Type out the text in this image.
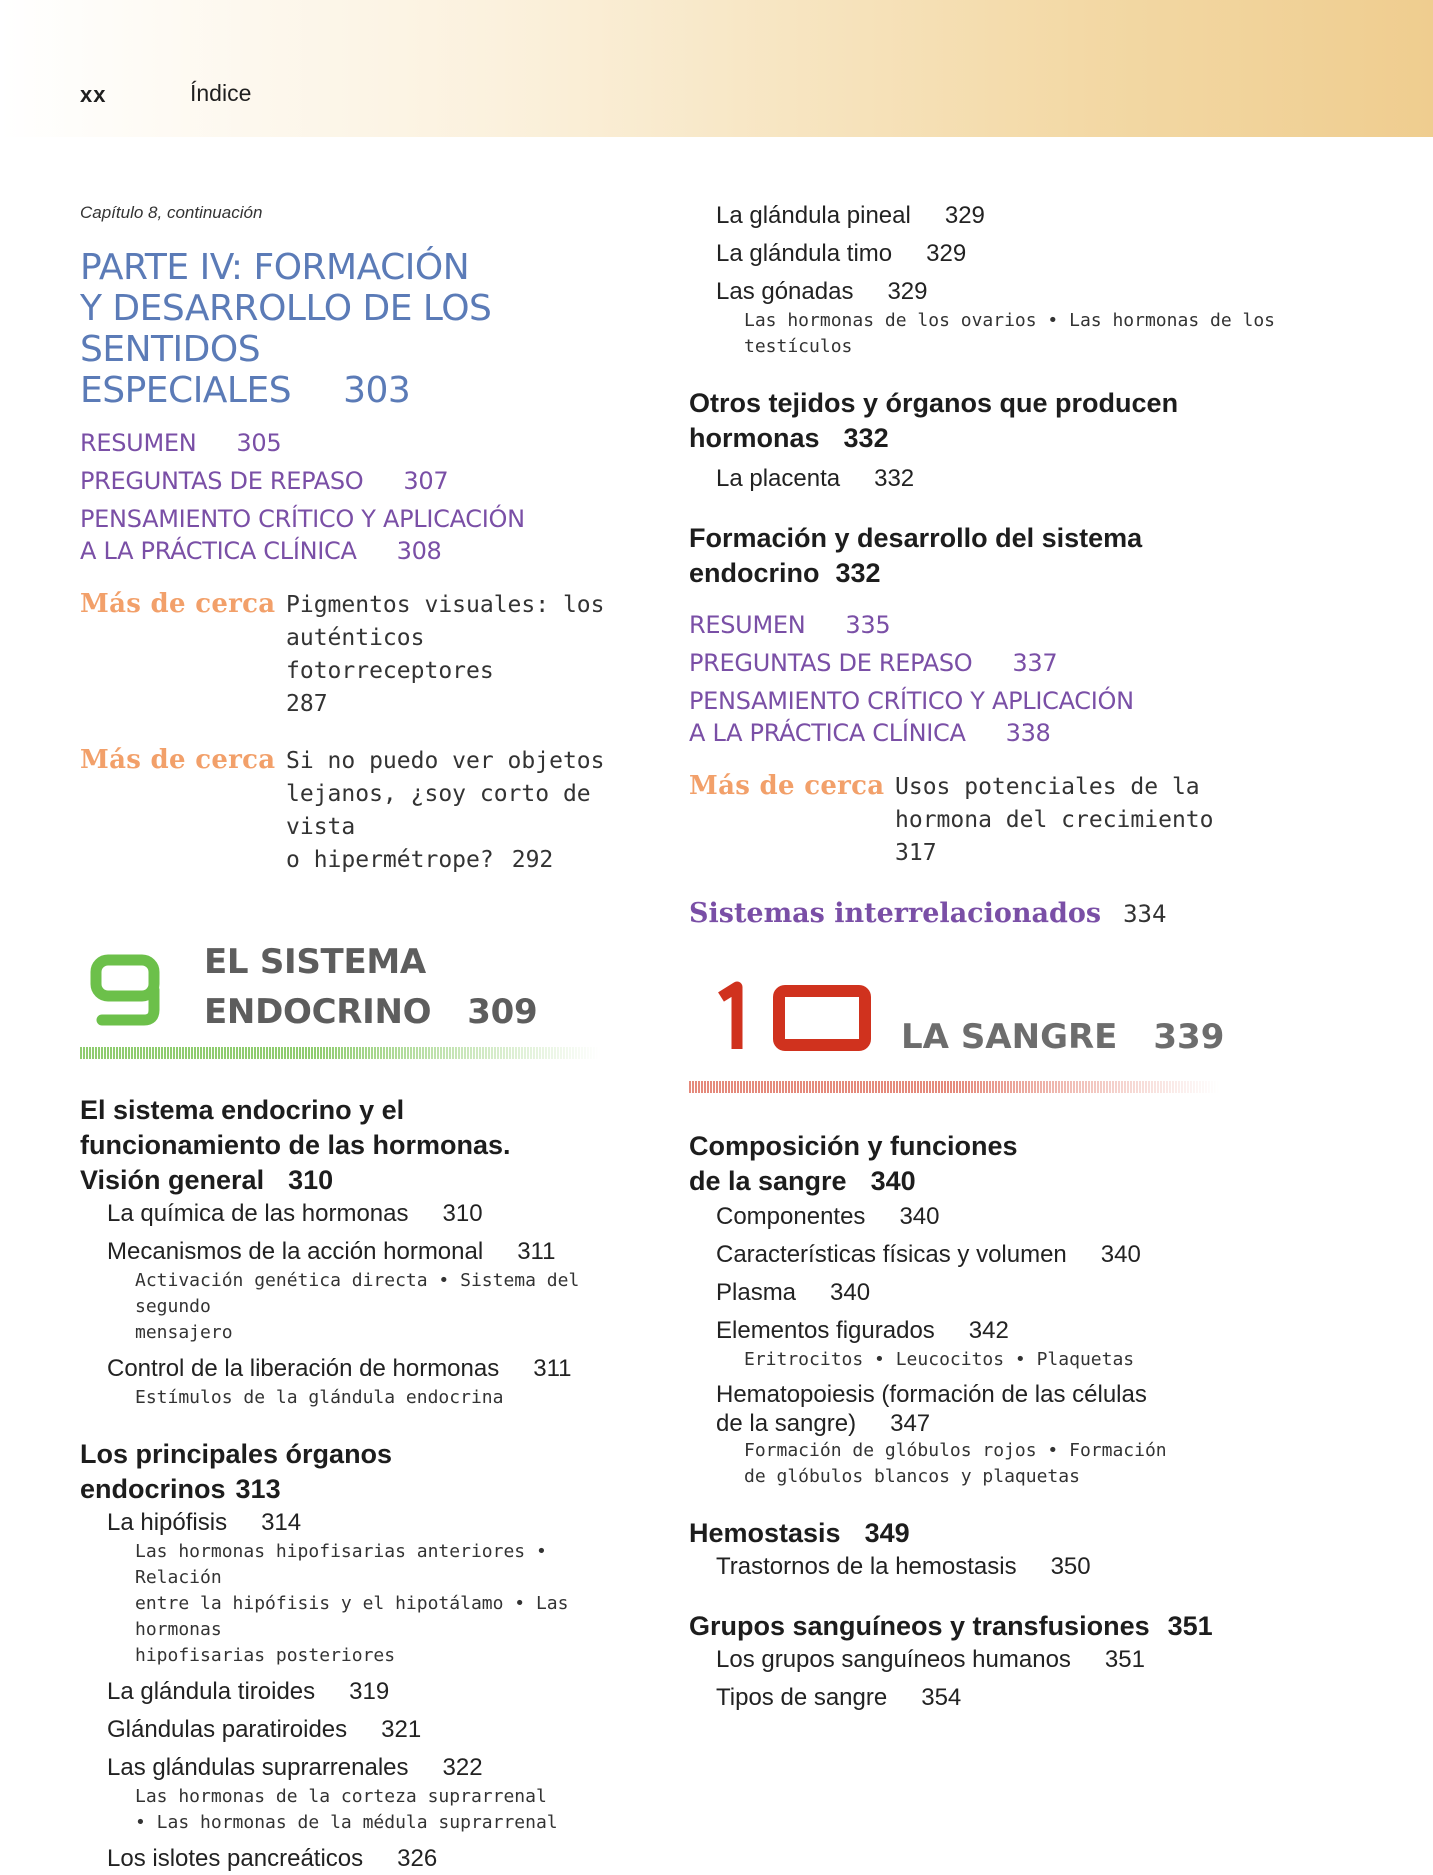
xx	Índice
Capítulo 8, continuación
PARTE IV: FORMACIÓN
Y DESARROLLO DE LOS SENTIDOS
ESPECIALES 303
RESUMEN 305
PREGUNTAS DE REPASO 307
PENSAMIENTO CRÍTICO Y APLICACIÓN
A LA PRÁCTICA CLÍNICA 308
Más de cerca Pigmentos visuales: los
auténticos fotorreceptores
287
Más de cerca Si no puedo ver objetos
lejanos, ¿soy corto de vista
o hipermétrope? 292
EL SISTEMA
ENDOCRINO 309
El sistema endocrino y el
funcionamiento de las hormonas.
Visión general 310
La química de las hormonas 310
Mecanismos de la acción hormonal 311
Activación genética directa • Sistema del segundo
mensajero
Control de la liberación de hormonas 311
Estímulos de la glándula endocrina
Los principales órganos
endocrinos 313
La hipófisis 314
Las hormonas hipofisarias anteriores • Relación
entre la hipófisis y el hipotálamo • Las hormonas
hipofisarias posteriores
La glándula tiroides 319
Glándulas paratiroides 321
Las glándulas suprarrenales 322
Las hormonas de la corteza suprarrenal
• Las hormonas de la médula suprarrenal
Los islotes pancreáticos 326
La glándula pineal 329
La glándula timo 329
Las gónadas 329
Las hormonas de los ovarios • Las hormonas de los
testículos
Otros tejidos y órganos que producen
hormonas 332
La placenta 332
Formación y desarrollo del sistema
endocrino 332
RESUMEN 335
PREGUNTAS DE REPASO 337
PENSAMIENTO CRÍTICO Y APLICACIÓN
A LA PRÁCTICA CLÍNICA 338
Más de cerca Usos potenciales de la
hormona del crecimiento
317
Sistemas interrelacionados 334
LA SANGRE 339
Composición y funciones
de la sangre 340
Componentes 340
Características físicas y volumen 340
Plasma 340
Elementos figurados 342
Eritrocitos • Leucocitos • Plaquetas
Hematopoiesis (formación de las células
de la sangre) 347
Formación de glóbulos rojos • Formación
de glóbulos blancos y plaquetas
Hemostasis 349
Trastornos de la hemostasis 350
Grupos sanguíneos y transfusiones 351
Los grupos sanguíneos humanos 351
Tipos de sangre 354
